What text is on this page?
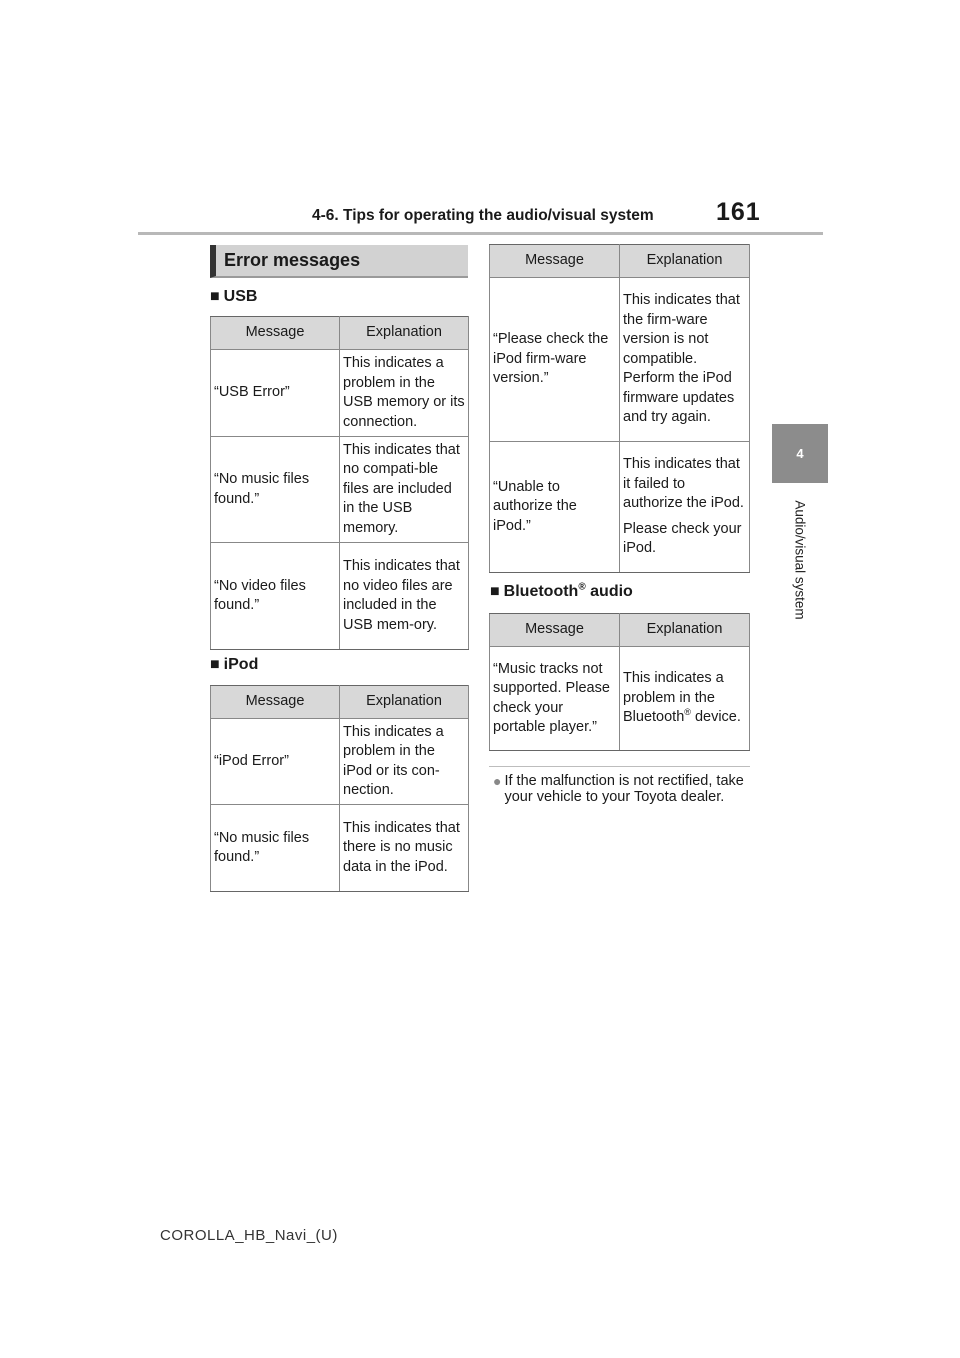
4-6. Tips for operating the audio/visual system 161
4
Audio/visual system
Error messages
■ USB
Message	Explanation
“USB Error”	This indicates a problem in the USB memory or its connection.
“No music files found.”	This indicates that no compati-ble files are included in the USB memory.
“No video files found.”	This indicates that no video files are included in the USB mem-ory.
■ iPod
Message	Explanation
“iPod Error”	This indicates a problem in the iPod or its con-nection.
“No music files found.”	This indicates that there is no music data in the iPod.
Message	Explanation
“Please check the iPod firm-ware version.”	This indicates that the firm-ware version is not compatible. Perform the iPod firmware updates and try again.
“Unable to authorize the iPod.”	This indicates that it failed to authorize the iPod.
Please check your iPod.
■ Bluetooth® audio
Message	Explanation
“Music tracks not supported. Please check your portable player.”	This indicates a problem in the Bluetooth® device.
● If the malfunction is not rectified, take your vehicle to your Toyota dealer.
COROLLA_HB_Navi_(U)
